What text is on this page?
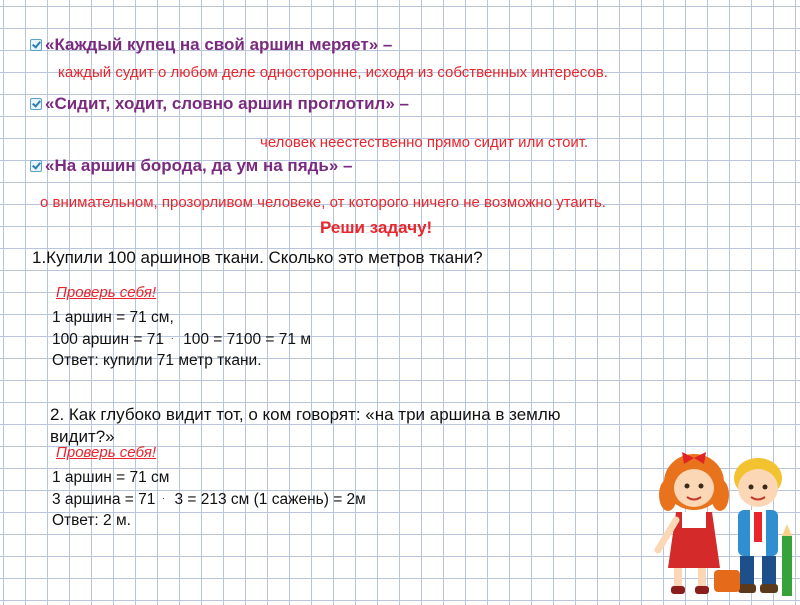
«Каждый купец на свой аршин меряет» –
каждый судит о любом деле односторонне, исходя из собственных интересов.
«Сидит, ходит, словно аршин проглотил» –
человек неестественно прямо сидит или стоит.
«На аршин борода, да ум на пядь» –
о внимательном, прозорливом человеке, от которого ничего не возможно утаить.
Реши задачу!
1.Купили 100 аршинов ткани. Сколько это метров ткани?
Проверь себя!
1 аршин = 71 см,
100 аршин = 71  ·   100 = 7100 = 71 м
Ответ: купили 71 метр ткани.
2. Как глубоко видит тот, о ком говорят: «на три аршина в землю
видит?»
Проверь себя!
1 аршин = 71 см
3 аршина = 71  ·   3 = 213 см (1 сажень) = 2м
Ответ: 2 м.
